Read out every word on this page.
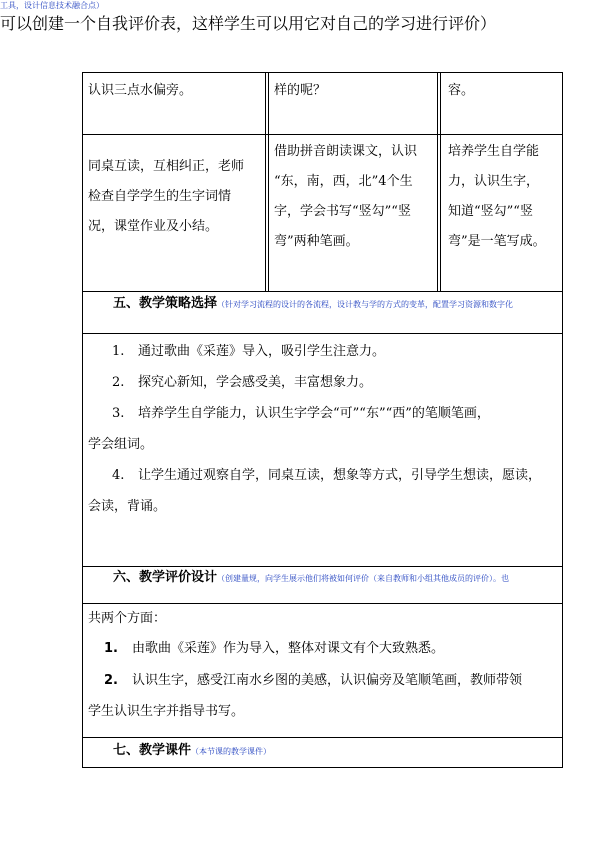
认识三点水偏旁。	样的呢？	容。
同桌互读，互相纠正，老师
检查自学学生的生字词情
况，课堂作业及小结。
借助拼音朗读课文，认识
“东，南，西，北”4个生
字，学会书写“竖勾”“竖
弯”两种笔画。
培养学生自学能
力，认识生字，
知道“竖勾”“竖
弯”是一笔写成。
五、教学策略选择（针对学习流程的设计的各流程，设计教与学的方式的变革，配置学习资源和数字化
工具，设计信息技术融合点）
1. 通过歌曲《采莲》导入，吸引学生注意力。
2. 探究心新知，学会感受美，丰富想象力。
3. 培养学生自学能力，认识生字学会“可”“东”“西”的笔顺笔画，
学会组词。
4. 让学生通过观察自学，同桌互读，想象等方式，引导学生想读，愿读，
会读，背诵。
六、教学评价设计（创建量规，向学生展示他们将被如何评价（来自教师和小组其他成员的评价）。也
可以创建一个自我评价表，这样学生可以用它对自己的学习进行评价）
共两个方面：
1. 由歌曲《采莲》作为导入，整体对课文有个大致熟悉。
2. 认识生字，感受江南水乡图的美感，认识偏旁及笔顺笔画，教师带领
学生认识生字并指导书写。
七、教学课件（本节课的教学课件）
